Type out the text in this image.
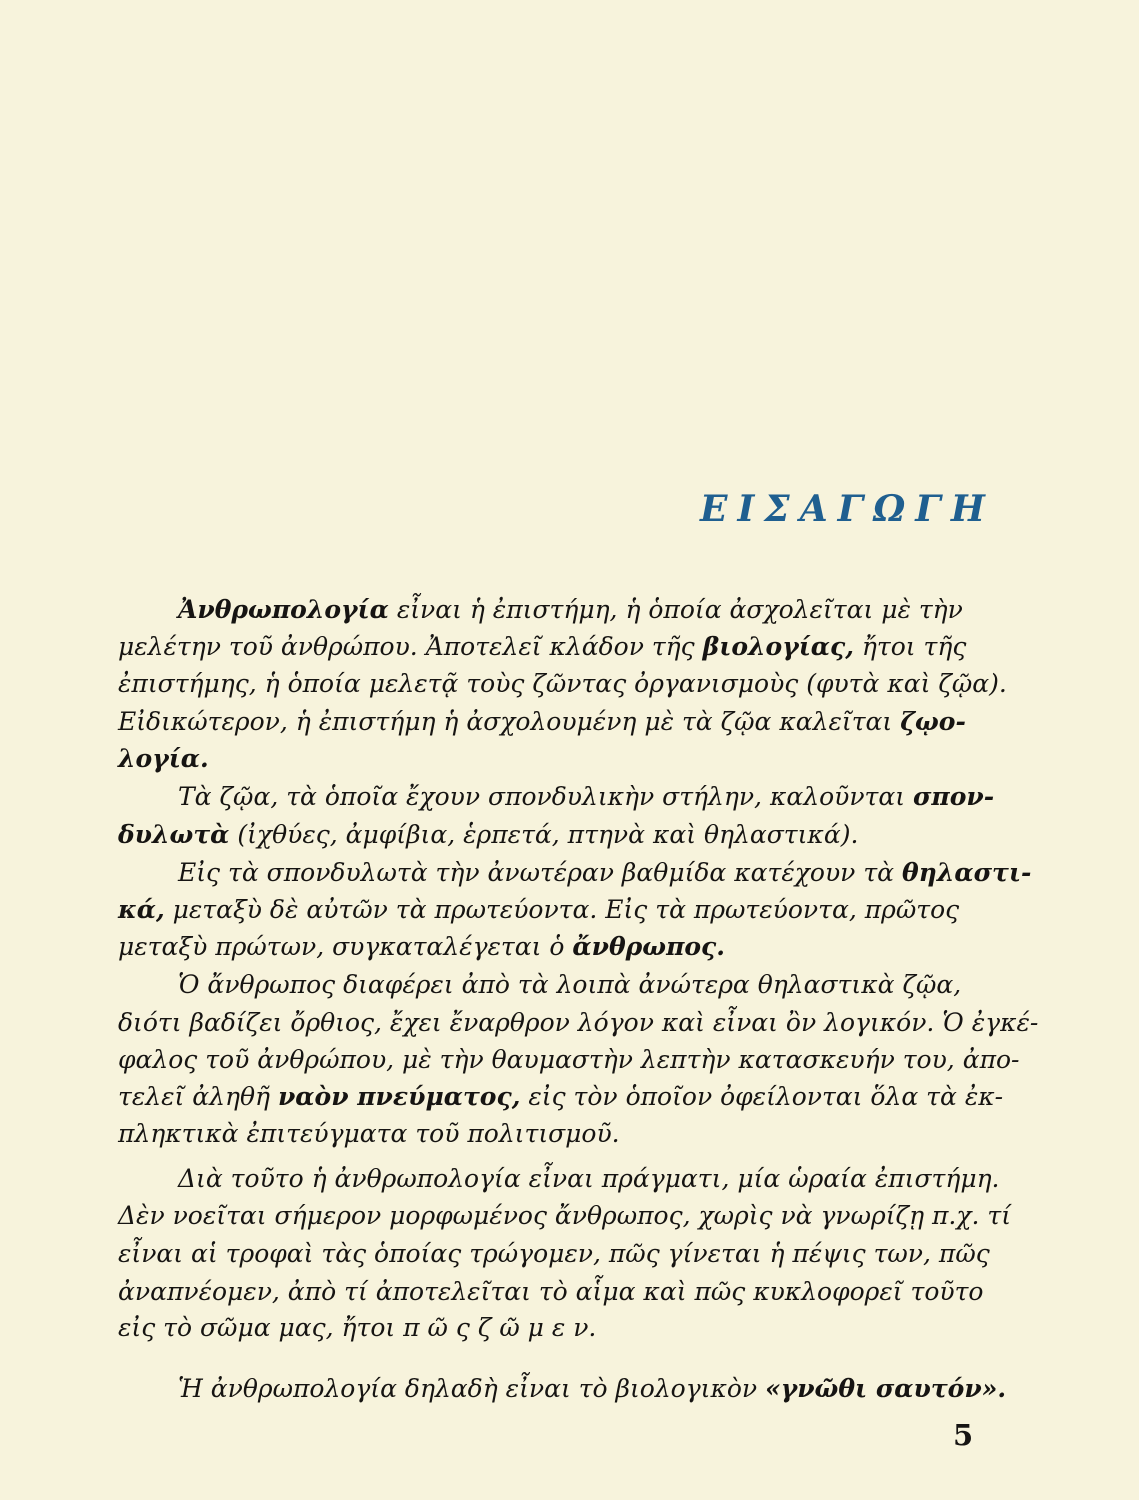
ΕΙΣΑΓΩΓΗ
Ἀνθρωπολογία εἶναι ἡ ἐπιστήμη, ἡ ὁποία ἀσχολεῖται μὲ τὴν
μελέτην τοῦ ἀνθρώπου. Ἀποτελεῖ κλάδον τῆς βιολογίας, ἤτοι τῆς
ἐπιστήμης, ἡ ὁποία μελετᾷ τοὺς ζῶντας ὀργανισμοὺς (φυτὰ καὶ ζῷα).
Εἰδικώτερον, ἡ ἐπιστήμη ἡ ἀσχολουμένη μὲ τὰ ζῷα καλεῖται ζῳο-
λογία.
Τὰ ζῷα, τὰ ὁποῖα ἔχουν σπονδυλικὴν στήλην, καλοῦνται σπον-
δυλωτὰ
(ἰχθύες, ἀμφίβια, ἑρπετά, πτηνὰ καὶ θηλαστικά).
Εἰς τὰ σπονδυλωτὰ τὴν ἀνωτέραν βαθμίδα κατέχουν τὰ θηλαστι-
κά, μεταξὺ δὲ αὐτῶν τὰ πρωτεύοντα. Εἰς τὰ πρωτεύοντα, πρῶτος
μεταξὺ πρώτων, συγκαταλέγεται ὁ
ἄνθρωπος.
Ὁ ἄνθρωπος διαφέρει ἀπὸ τὰ λοιπὰ ἀνώτερα θηλαστικὰ ζῷα,
διότι βαδίζει ὄρθιος, ἔχει ἔναρθρον λόγον καὶ εἶναι ὂν λογικόν. Ὁ ἐγκέ-
φαλος τοῦ ἀνθρώπου, μὲ τὴν θαυμαστὴν λεπτὴν κατασκευήν του, ἀπο-
τελεῖ ἀληθῆ ναὸν πνεύματος, εἰς τὸν ὁποῖον ὀφείλονται ὅλα τὰ ἐκ-
πληκτικὰ ἐπιτεύγματα τοῦ πολιτισμοῦ.
Διὰ τοῦτο ἡ ἀνθρωπολογία εἶναι πράγματι, μία ὡραία ἐπιστήμη.
Δὲν νοεῖται σήμερον μορφωμένος ἄνθρωπος, χωρὶς νὰ γνωρίζῃ π.χ. τί
εἶναι αἱ τροφαὶ τὰς ὁποίας τρώγομεν, πῶς γίνεται ἡ πέψις των, πῶς
ἀναπνέομεν, ἀπὸ τί ἀποτελεῖται τὸ αἷμα καὶ πῶς κυκλοφορεῖ τοῦτο
εἰς τὸ σῶμα μας, ἤτοι
π ῶ ς ζ ῶ μ ε ν.
Ἡ ἀνθρωπολογία δηλαδὴ εἶναι τὸ βιολογικὸν «γνῶθι σαυτόν».
5
